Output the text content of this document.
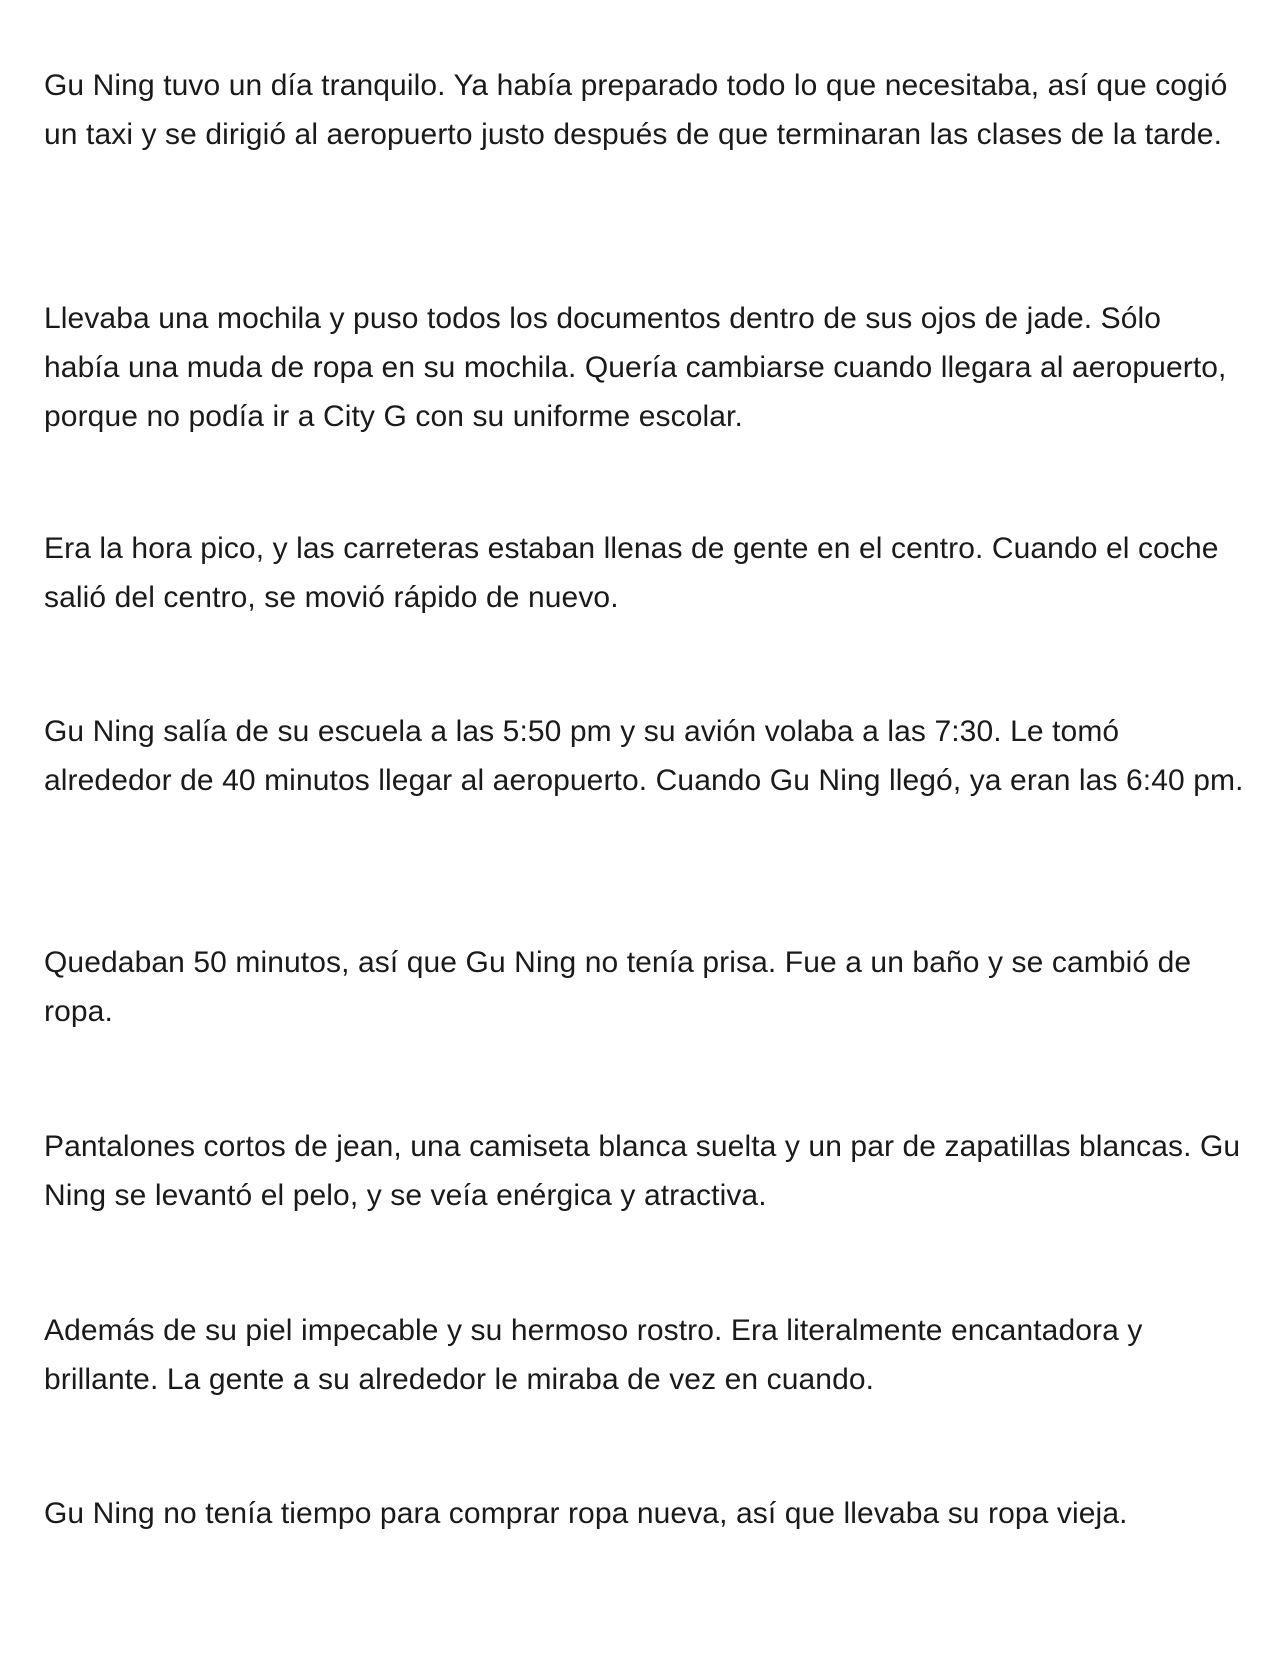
Gu Ning tuvo un día tranquilo. Ya había preparado todo lo que necesitaba, así que cogió un taxi y se dirigió al aeropuerto justo después de que terminaran las clases de la tarde.

Llevaba una mochila y puso todos los documentos dentro de sus ojos de jade. Sólo había una muda de ropa en su mochila. Quería cambiarse cuando llegara al aeropuerto, porque no podía ir a City G con su uniforme escolar.

Era la hora pico, y las carreteras estaban llenas de gente en el centro. Cuando el coche salió del centro, se movió rápido de nuevo.

Gu Ning salía de su escuela a las 5:50 pm y su avión volaba a las 7:30. Le tomó alrededor de 40 minutos llegar al aeropuerto. Cuando Gu Ning llegó, ya eran las 6:40 pm.

Quedaban 50 minutos, así que Gu Ning no tenía prisa. Fue a un baño y se cambió de ropa.

Pantalones cortos de jean, una camiseta blanca suelta y un par de zapatillas blancas. Gu Ning se levantó el pelo, y se veía enérgica y atractiva.

Además de su piel impecable y su hermoso rostro. Era literalmente encantadora y brillante. La gente a su alrededor le miraba de vez en cuando.

Gu Ning no tenía tiempo para comprar ropa nueva, así que llevaba su ropa vieja.
